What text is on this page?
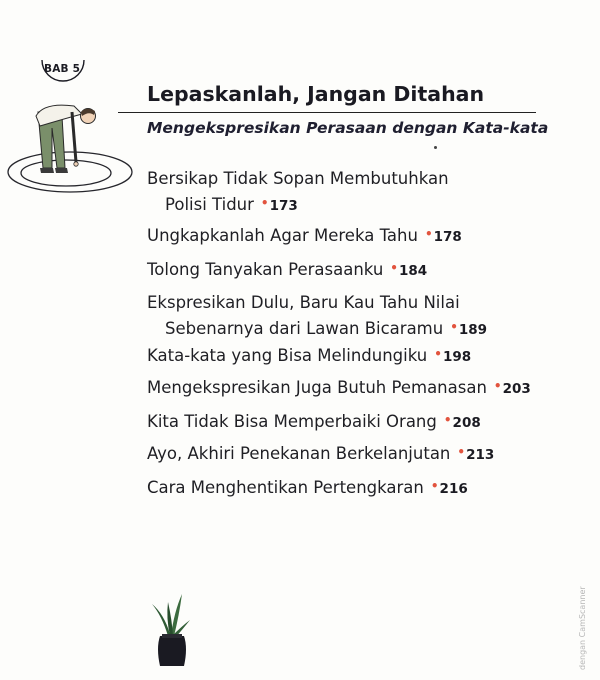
BAB 5
Lepaskanlah, Jangan Ditahan
Mengekspresikan Perasaan dengan Kata-kata
Bersikap Tidak Sopan Membutuhkan
Polisi Tidur •173
Ungkapkanlah Agar Mereka Tahu •178
Tolong Tanyakan Perasaanku •184
Ekspresikan Dulu, Baru Kau Tahu Nilai
Sebenarnya dari Lawan Bicaramu •189
Kata-kata yang Bisa Melindungiku •198
Mengekspresikan Juga Butuh Pemanasan •203
Kita Tidak Bisa Memperbaiki Orang •208
Ayo, Akhiri Penekanan Berkelanjutan •213
Cara Menghentikan Pertengkaran •216
dengan CamScanner
